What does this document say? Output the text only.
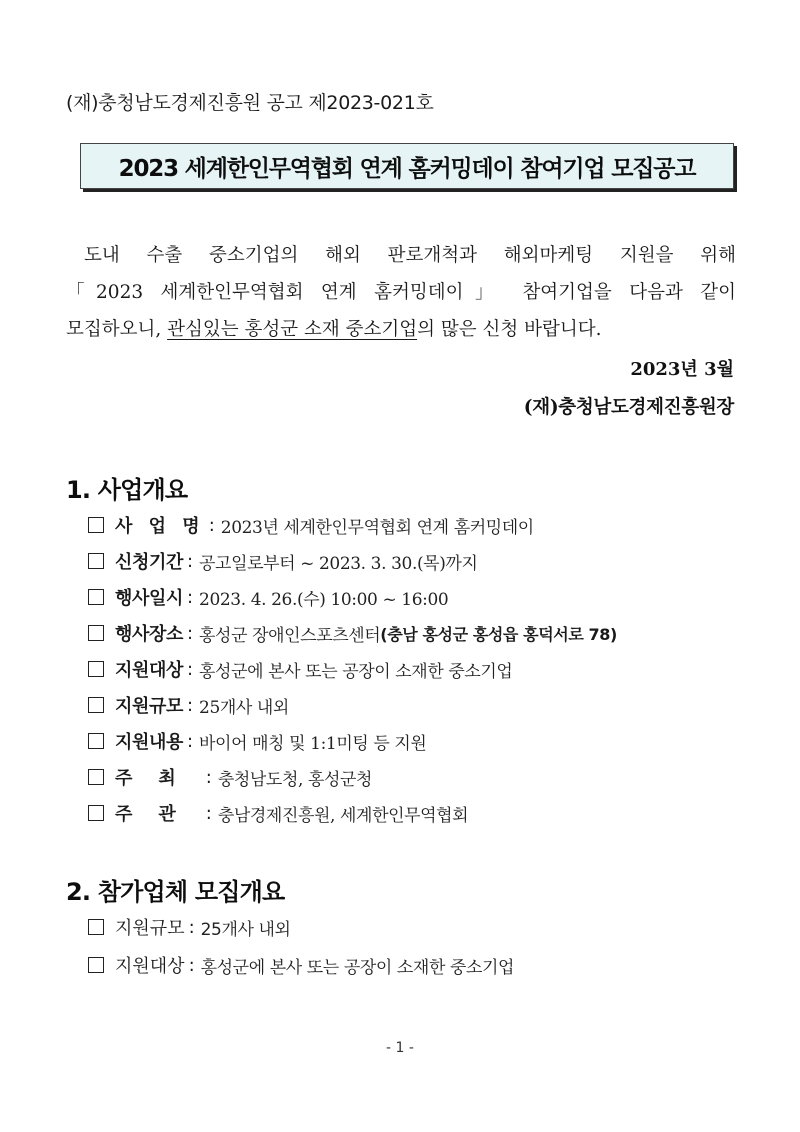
(재)충청남도경제진흥원 공고 제2023-021호
2023 세계한인무역협회 연계 홈커밍데이 참여기업 모집공고
도내 수출 중소기업의 해외 판로개척과 해외마케팅 지원을 위해
「2023 세계한인무역협회 연계 홈커밍데이」 참여기업을 다음과 같이
모집하오니, 관심있는 홍성군 소재 중소기업의 많은 신청 바랍니다.
2023년 3월
(재)충청남도경제진흥원장
1. 사업개요
사 업 명 : 2023년 세계한인무역협회 연계 홈커밍데이
신청기간 : 공고일로부터 ~ 2023. 3. 30.(목)까지
행사일시 : 2023. 4. 26.(수) 10:00 ~ 16:00
행사장소 : 홍성군 장애인스포츠센터 (충남 홍성군 홍성읍 홍덕서로 78)
지원대상 : 홍성군에 본사 또는 공장이 소재한 중소기업
지원규모 : 25개사 내외
지원내용 : 바이어 매칭 및 1:1미팅 등 지원
주최 : 충청남도청, 홍성군청
주관 : 충남경제진흥원, 세계한인무역협회
2. 참가업체 모집개요
지원규모 : 25개사 내외
지원대상 : 홍성군에 본사 또는 공장이 소재한 중소기업
- 1 -
